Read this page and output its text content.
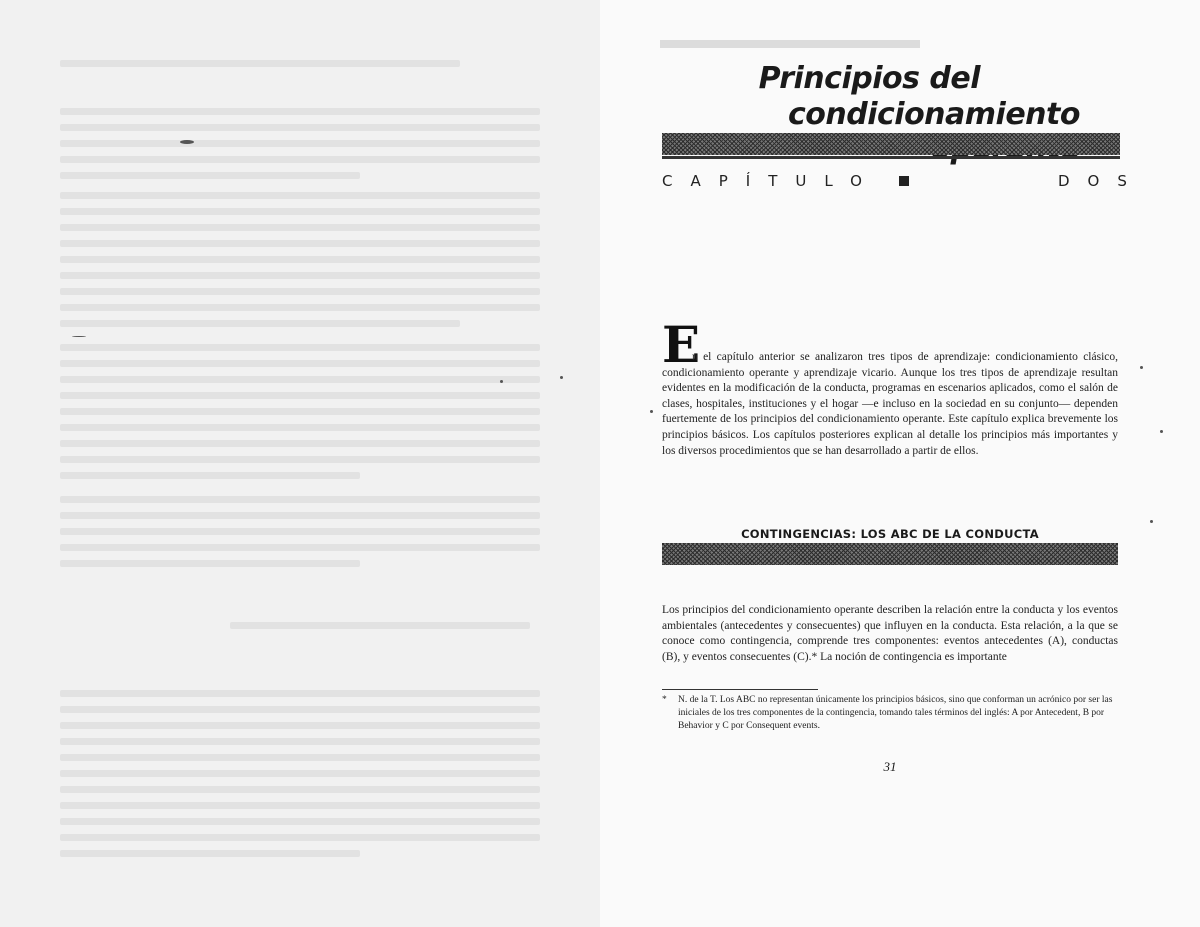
Principios del
condicionamiento
CAPÍTULO	DOS
E
n el capítulo anterior se analizaron tres tipos de aprendizaje: condicionamiento clásico, condicionamiento operante y aprendizaje vicario. Aunque los tres tipos de aprendizaje resultan evidentes en la modificación de la conducta, programas en escenarios aplicados, como el salón de clases, hospitales, instituciones y el hogar —e incluso en la sociedad en su conjunto— dependen fuertemente de los principios del condicionamiento operante. Este capítulo explica brevemente los principios básicos. Los capítulos posteriores explican al detalle los principios más importantes y los diversos procedimientos que se han desarrollado a partir de ellos.
CONTINGENCIAS: LOS ABC DE LA CONDUCTA
Los principios del condicionamiento operante describen la relación entre la conducta y los eventos ambientales (antecedentes y consecuentes) que influyen en la conducta. Esta relación, a la que se conoce como contingencia, comprende tres componentes: eventos antecedentes (A), conductas (B), y eventos consecuentes (C).* La noción de contingencia es importante
* N. de la T. Los ABC no representan únicamente los principios básicos, sino que conforman un acrónico por ser las iniciales de los tres componentes de la contingencia, tomando tales términos del inglés: A por Antecedent, B por Behavior y C por Consequent events.
31
